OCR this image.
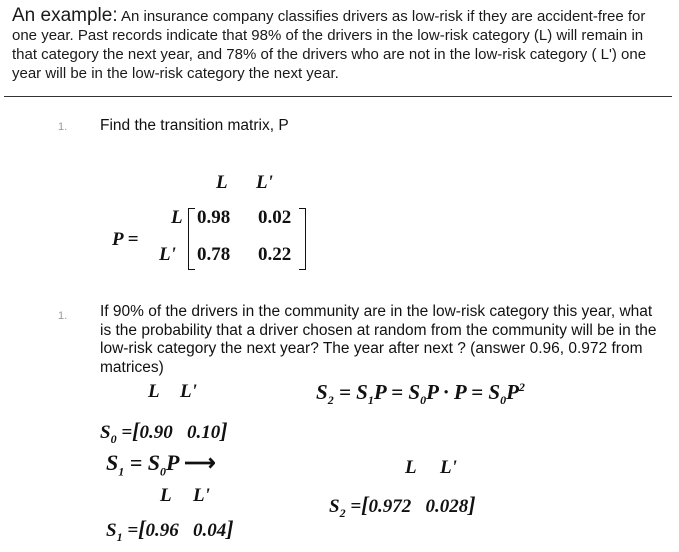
An example: An insurance company classifies drivers as low-risk if they are accident-free for one year. Past records indicate that 98% of the drivers in the low-risk category (L) will remain in that category the next year, and 78% of the drivers who are not in the low-risk category ( L') one year will be in the low-risk category the next year.
1. Find the transition matrix, P
L L'
P =
L
L'
0.98 0.02
0.78 0.22
1. If 90% of the drivers in the community are in the low-risk category this year, what is the probability that a driver chosen at random from the community will be in the low-risk category the next year? The year after next ? (answer 0.96, 0.972 from matrices)
L L'	$S_2 = S_1P = S_0P \cdot P = S_0P^2$
$S_0 =[0.90$ 0.10]
$S_1 = S_0P$ ⟶	L L'
L L'
$S_2 =[0.972$ 0.028]
$S_1 =[0.96$ 0.04]
